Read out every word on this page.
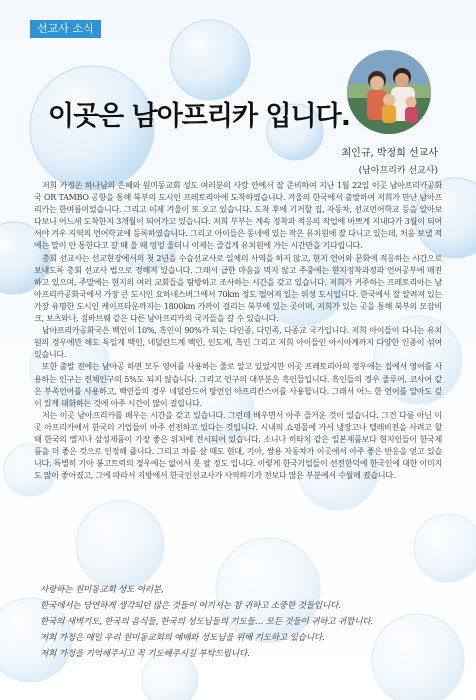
선교사 소식
이곳은 남아프리카 입니다.
최인규, 박정희 선교사
(남아프리카 선교사)

저희 가정은 하나님의 은혜와 원미동교회 성도 여러분의 사랑 안에서 잘 준비하여 지난 1월 22일 이곳 남아프리카공화국 OR TAMBO 공항을 통해 북부의 도시인 프레토리아에 도착하였습니다. 겨울의 한국에서 출발하여 저희가 만난 남아프리카는 한여름이었습니다. 그리고 이제 겨울이 또 오고 있습니다. 도착 후에 기거할 집, 자동차, 선교언어학교 등을 알아보다보니 어느새 도착한지 3개월이 되어가고 있습니다. 저희 부부는 계속 정착과 적응의 작업에 바쁘게 지내다가 3월이 되어서야 겨우 지역의 언어학교에 등록하였습니다. 그리고 아이들은 동네에 있는 작은 유치원에 잘 다니고 있는데, 처음 보낼 적에는 말이 안 통한다고 갈 때 울 때 엉엉 울더니 이제는 즐겁게 유치원에 가는 시간만을 기다립니다.

총회 선교사는 선교현장에서의 첫 2년을 수습선교사로 일체의 사역을 하지 않고, 현지 언어와 문화에 적응하는 시간으로 보내도록 총회 선교사 법으로 정해져 있습니다. 그래서 급한 마음을 먹지 않고 주중에는 현지정착과정과 언어공부에 매진하고 있으며, 주말에는 현지의 여러 교회들을 탐방하고 조사하는 시간을 갖고 있습니다. 저희가 거주하는 프레토리아는 남아프리카공화국에서 가장 큰 도시인 요하네스버그에서 70km 정도 떨어져 있는 위성 도시입니다. 한국에서 잘 알려져 있는 가장 유명한 도시인 케이프타운까지는 1800km 가까이 걸리는 북부에 있는 곳이며, 저희가 있는 곳을 통해 북부의 모잠비크, 보츠와나, 짐바브웨 같은 다른 남아프리카의 국가들을 갈 수 있습니다.

남아프리카공화국은 백인이 10%, 흑인이 90%가 되는 다인종, 다민족, 다종교 국가입니다. 저희 아이들이 다니는 유치원의 경우에만 해도 독일계 백인, 네덜란드계 백인, 인도계, 흑인 그리고 저희 아이들인 아시아계까지 다양한 인종이 섞여 있습니다.

또한 출발 전에는 남아공 하면 모두 영어를 사용하는 줄로 알고 있었지만 이곳 프레토리아의 경우에는 집에서 영어를 사용하는 인구는 전체인구의 5%도 되지 않습니다. 그리고 인구의 대부분은 흑인들입니다. 흑인들의 경우 줄루어, 코사어 같은 부족언어를 사용하고, 백인들의 경우 네덜란드어 방언인 아프리칸스어를 사용합니다. 그래서 어느 한 언어를 알아도 깊이 있게 대화하는 것에 아주 시간이 많이 걸립니다.

저는 이곳 남아프리카를 배우는 시간을 갖고 있습니다. 그런데 배우면서 아주 즐거운 것이 있습니다. 그건 다름 아닌 이곳 아프리카에서 한국의 기업들이 아주 선전하고 있다는 것입니다. 시내의 쇼핑몰에 가서 냉장고나 텔레비전을 사려고 할 때 한국의 엘지나 삼성제품이 가장 좋은 위치에 전시되어 있습니다. 소니나 히타치 같은 일본제품보다 현지인들이 한국제품을 더 좋은 것으로 인정해 줍니다. 그리고 차를 살 때도 현대, 기아, 쌍용 자동차가 이곳에서 아주 좋은 반응을 얻고 있습니다. 특별히 기아 봉고트럭의 경우에는 없어서 못 팔 정도 입니다. 이렇게 한국기업들이 선전한덕에 한국인에 대한 이미지도 많이 좋아졌고, 그에 따라서 지방에서 한국인선교사가 사역하기가 전보다 많은 부분에서 수월해 졌습니다.

사랑하는 원미동교회 성도 여러분,
한국에서는 당연하게 생각되던 많은 것들이 여기서는 참 귀하고 소중한 것들입니다.
한국의 새벽기도, 한국의 음식들, 한국의 성도님들의 기도들… 모든 것들이 귀하고 귀합니다.
저희 가정은 매일 우리 원미동교회의 예배와 성도님을 위해 기도하고 있습니다.
저희 가정을 기억해주시고 꼭 기도해주시길 부탁드립니다.
